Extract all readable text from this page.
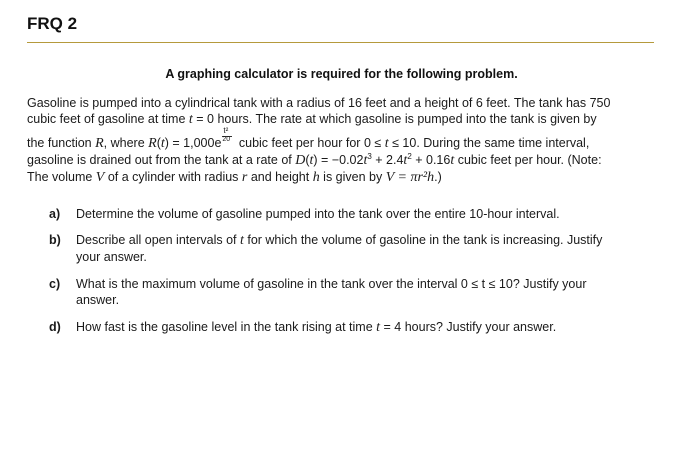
FRQ 2
A graphing calculator is required for the following problem.
Gasoline is pumped into a cylindrical tank with a radius of 16 feet and a height of 6 feet. The tank has 750
cubic feet of gasoline at time t = 0 hours. The rate at which gasoline is pumped into the tank is given by
the function R, where $R(t) = 1,000e \frac{\text{t²}}{20}$ cubic feet per hour for 0 ≤ t ≤ 10. During the same time interval,
gasoline is drained out from the tank at a rate of $D(t) = -0.02t^3 + 2.4t^2 + 0.16t$ cubic feet per hour. (Note:
The volume V of a cylinder with radius r and height h is given by V = πr²h.)
a) Determine the volume of gasoline pumped into the tank over the entire 10-hour interval.
b) Describe all open intervals of t for which the volume of gasoline in the tank is increasing. Justify
your answer.
c) What is the maximum volume of gasoline in the tank over the interval 0 ≤ t ≤ 10? Justify your
answer.
d) How fast is the gasoline level in the tank rising at time t = 4 hours? Justify your answer.
